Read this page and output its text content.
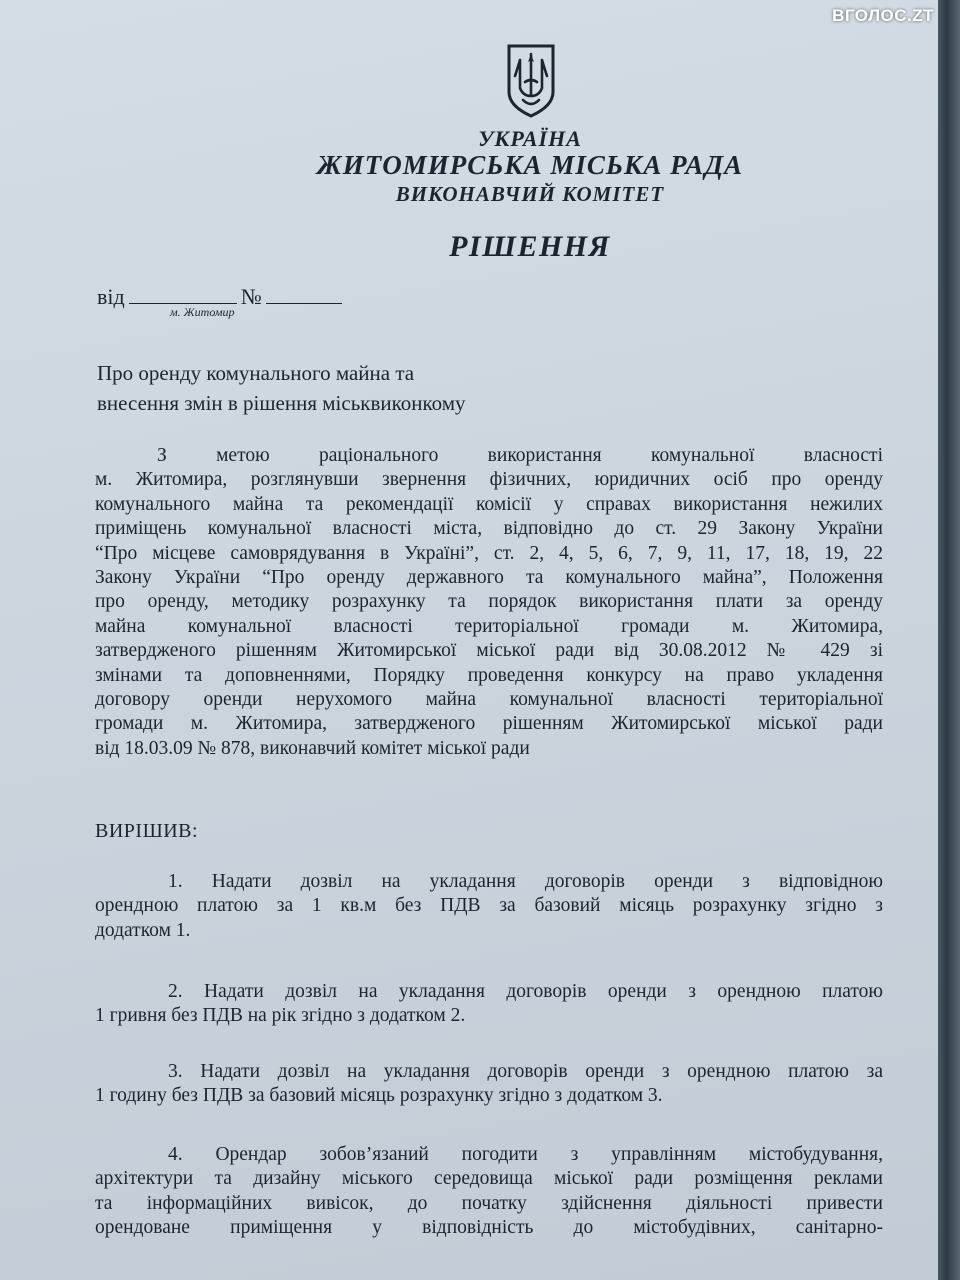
УКРАЇНА
ЖИТОМИРСЬКА МІСЬКА РАДА
ВИКОНАВЧИЙ КОМІТЕТ
РІШЕННЯ
від	№
м. Житомир
Про оренду комунального майна та
внесення змін в рішення міськвиконкому
З метою раціонального використання комунальної власності
м. Житомира, розглянувши звернення фізичних, юридичних осіб про оренду
комунального майна та рекомендації комісії у справах використання нежилих
приміщень комунальної власності міста, відповідно до ст. 29 Закону України
“Про місцеве самоврядування в Україні”, ст. 2, 4, 5, 6, 7, 9, 11, 17, 18, 19, 22
Закону України “Про оренду державного та комунального майна”, Положення
про оренду, методику розрахунку та порядок використання плати за оренду
майна комунальної власності територіальної громади м. Житомира,
затвердженого рішенням Житомирської міської ради від 30.08.2012 № 429 зі
змінами та доповненнями, Порядку проведення конкурсу на право укладення
договору оренди нерухомого майна комунальної власності територіальної
громади м. Житомира, затвердженого рішенням Житомирської міської ради
від 18.03.09 № 878, виконавчий комітет міської ради
ВИРІШИВ:
1. Надати дозвіл на укладання договорів оренди з відповідною
орендною платою за 1 кв.м без ПДВ за базовий місяць розрахунку згідно з
додатком 1.
2. Надати дозвіл на укладання договорів оренди з орендною платою
1 гривня без ПДВ на рік згідно з додатком 2.
3. Надати дозвіл на укладання договорів оренди з орендною платою за
1 годину без ПДВ за базовий місяць розрахунку згідно з додатком 3.
4. Орендар зобов’язаний погодити з управлінням містобудування,
архітектури та дизайну міського середовища міської ради розміщення реклами
та інформаційних вивісок, до початку здійснення діяльності привести
орендоване приміщення у відповідність до містобудівних, санітарно-
ВГОЛОС.ZT
